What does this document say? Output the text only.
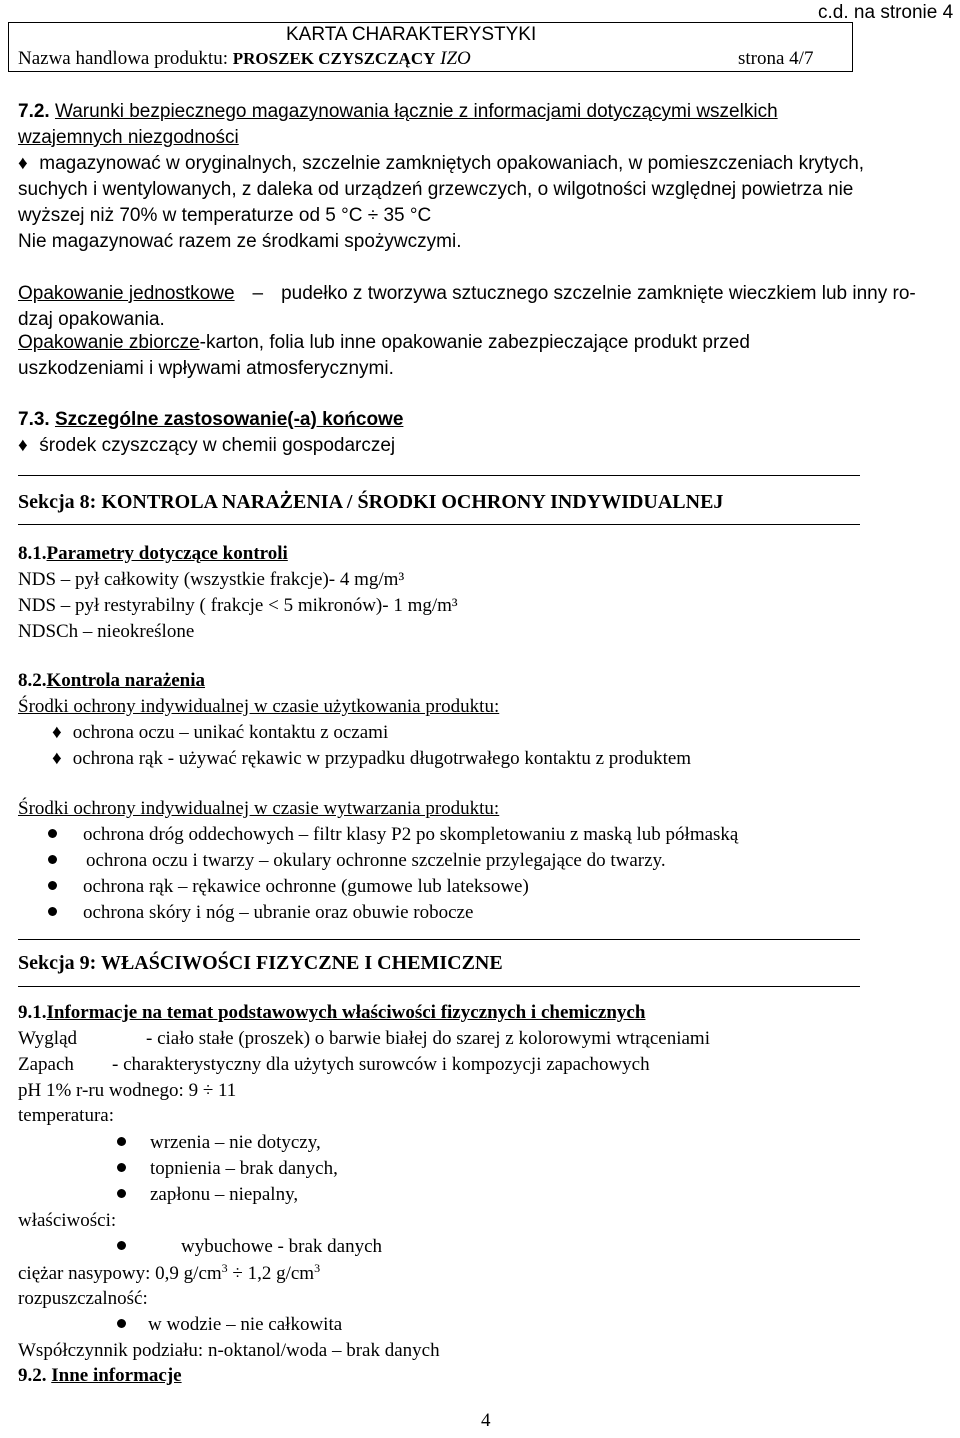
c.d. na stronie 4
KARTA CHARAKTERYSTYKI
Nazwa handlowa produktu: PROSZEK CZYSZCZĄCY IZO	strona 4/7
7.2. Warunki bezpiecznego magazynowania łącznie z informacjami dotyczącymi wszelkich
wzajemnych niezgodności
♦ magazynować w oryginalnych, szczelnie zamkniętych opakowaniach, w pomieszczeniach krytych,
suchych i wentylowanych, z daleka od urządzeń grzewczych, o wilgotności względnej powietrza nie
wyższej niż 70% w temperaturze od 5 °C ÷ 35 °C
Nie magazynować razem ze środkami spożywczymi.
Opakowanie jednostkowe – pudełko z tworzywa sztucznego szczelnie zamknięte wieczkiem lub inny ro-
dzaj opakowania.
Opakowanie zbiorcze-karton, folia lub inne opakowanie zabezpieczające produkt przed
uszkodzeniami i wpływami atmosferycznymi.
7.3. Szczególne zastosowanie(-a) końcowe
♦ środek czyszczący w chemii gospodarczej
Sekcja 8: KONTROLA NARAŻENIA / ŚRODKI OCHRONY INDYWIDUALNEJ
8.1.Parametry dotyczące kontroli
NDS – pył całkowity (wszystkie frakcje)- 4 mg/m³
NDS – pył restyrabilny ( frakcje < 5 mikronów)- 1 mg/m³
NDSCh – nieokreślone
8.2.Kontrola narażenia
Środki ochrony indywidualnej w czasie użytkowania produktu:
♦ ochrona oczu – unikać kontaktu z oczami
♦ ochrona rąk - używać rękawic w przypadku długotrwałego kontaktu z produktem
Środki ochrony indywidualnej w czasie wytwarzania produktu:
ochrona dróg oddechowych – filtr klasy P2 po skompletowaniu z maską lub półmaską
ochrona oczu i twarzy – okulary ochronne szczelnie przylegające do twarzy.
ochrona rąk – rękawice ochronne (gumowe lub lateksowe)
ochrona skóry i nóg – ubranie oraz obuwie robocze
Sekcja 9: WŁAŚCIWOŚCI FIZYCZNE I CHEMICZNE
9.1.Informacje na temat podstawowych właściwości fizycznych i chemicznych
Wygląd	- ciało stałe (proszek) o barwie białej do szarej z kolorowymi wtrąceniami
Zapach - charakterystyczny dla użytych surowców i kompozycji zapachowych
pH 1% r-ru wodnego: 9 ÷ 11
temperatura:
wrzenia – nie dotyczy,
topnienia – brak danych,
zapłonu – niepalny,
właściwości:
wybuchowe - brak danych
ciężar nasypowy: 0,9 $g/cm^3 \div 1,2$ $g/cm^3$
rozpuszczalność:
w wodzie – nie całkowita
Współczynnik podziału: n-oktanol/woda – brak danych
9.2. Inne informacje
4
